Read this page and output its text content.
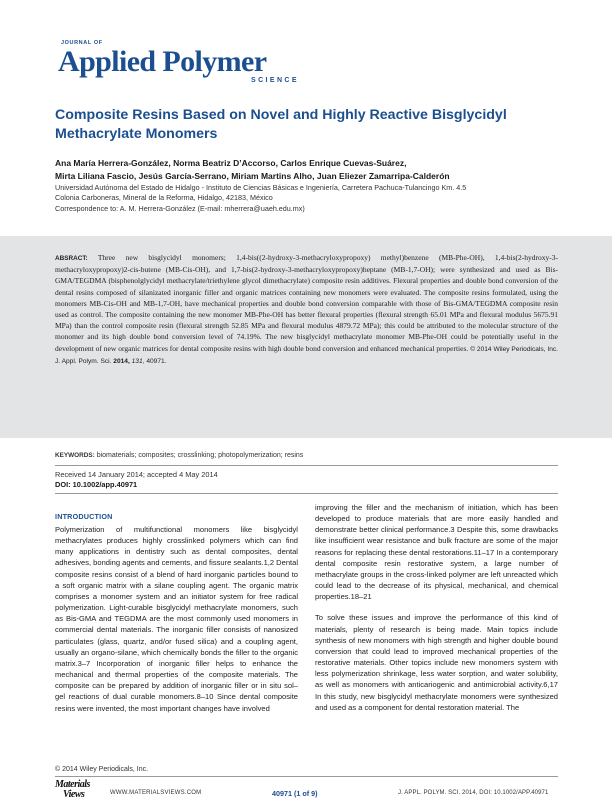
JOURNAL OF
Applied Polymer
SCIENCE
Composite Resins Based on Novel and Highly Reactive Bisglycidyl Methacrylate Monomers
Ana María Herrera-González, Norma Beatriz D’Accorso, Carlos Enrique Cuevas-Suárez,
Mirta Liliana Fascio, Jesús García-Serrano, Miriam Martins Alho, Juan Eliezer Zamarripa-Calderón
Universidad Autónoma del Estado de Hidalgo - Instituto de Ciencias Básicas e Ingeniería, Carretera Pachuca-Tulancingo Km. 4.5
Colonia Carboneras, Mineral de la Reforma, Hidalgo, 42183, México
Correspondence to: A. M. Herrera-González (E-mail: mherrera@uaeh.edu.mx)

ABSRACT: Three new bisglycidyl monomers; 1,4-bis((2-hydroxy-3-methacryloxypropoxy) methyl)benzene (MB-Phe-OH), 1,4-bis(2-hydroxy-3-methacryloxypropoxy)2-cis-butene (MB-Cis-OH), and 1,7-bis(2-hydroxy-3-methacryloxypropoxy)heptane (MB-1,7-OH); were synthesized and used as Bis-GMA/TEGDMA (bisphenolglycidyl methacrylate/triethylene glycol dimethacrylate) composite resin additives. Flexural properties and double bond conversion of the dental resins composed of silanizated inorganic filler and organic matrices containing new monomers were evaluated. The composite resins formulated, using the monomers MB-Cis-OH and MB-1,7-OH, have mechanical properties and double bond conversion comparable with those of Bis-GMA/TEGDMA composite resin used as control. The composite containing the new monomer MB-Phe-OH has better flexural properties (flexural strength 65.01 MPa and flexural modulus 5675.91 MPa) than the control composite resin (flexural strength 52.85 MPa and flexural modulus 4879.72 MPa); this could be attributed to the molecular structure of the monomer and its high double bond conversion level of 74.19%. The new bisglycidyl methacrylate monomer MB-Phe-OH could be potentially useful in the development of new organic matrices for dental composite resins with high double bond conversion and enhanced mechanical properties. © 2014 Wiley Periodicals, Inc. J. Appl. Polym. Sci. 2014, 131, 40971.

KEYWORDS: biomaterials; composites; crosslinking; photopolymerization; resins
Received 14 January 2014; accepted 4 May 2014
DOI: 10.1002/app.40971
INTRODUCTION

Polymerization of multifunctional monomers like bisglycidyl methacrylates produces highly crosslinked polymers which can find many applications in dentistry such as dental composites, dental adhesives, bonding agents and cements, and fissure sealants.1,2 Dental composite resins consist of a blend of hard inorganic particles bound to a soft organic matrix with a silane coupling agent. The organic matrix comprises a monomer system and an initiator system for free radical polymerization. Light-curable bisglycidyl methacrylate monomers, such as Bis-GMA and TEGDMA are the most commonly used monomers in commercial dental materials. The inorganic filler consists of nanosized particulates (glass, quartz, and/or fused silica) and a coupling agent, usually an organo-silane, which chemically bonds the filler to the organic matrix.3–7 Incorporation of inorganic filler helps to enhance the mechanical and thermal properties of the composite materials. The composite can be prepared by addition of inorganic filler or in situ sol–gel reactions of dual curable monomers.8–10 Since dental composite resins were invented, the most important changes have involved

improving the filler and the mechanism of initiation, which has been developed to produce materials that are more easily handled and demonstrate better clinical performance.3 Despite this, some drawbacks like insufficient wear resistance and bulk fracture are some of the major reasons for replacing these dental restorations.11–17 In a contemporary dental composite resin restorative system, a large number of methacrylate groups in the cross-linked polymer are left unreacted which could lead to the decrease of its physical, mechanical, and chemical properties.18–21

To solve these issues and improve the performance of this kind of materials, plenty of research is being made. Main topics include synthesis of new monomers with high strength and higher double bound conversion that could lead to improved mechanical properties of the restorative materials. Other topics include new monomers system with less polymerization shrinkage, less water sorption, and water solubility, as well as monomers with anticariogenic and antimicrobial activity.6,17 In this study, new bisglycidyl methacrylate monomers were synthesized and used as a component for dental restoration material. The

© 2014 Wiley Periodicals, Inc.
Materials
Views	WWW.MATERIALSVIEWS.COM	40971 (1 of 9)	J. APPL. POLYM. SCI. 2014, DOI: 10.1002/APP.40971
